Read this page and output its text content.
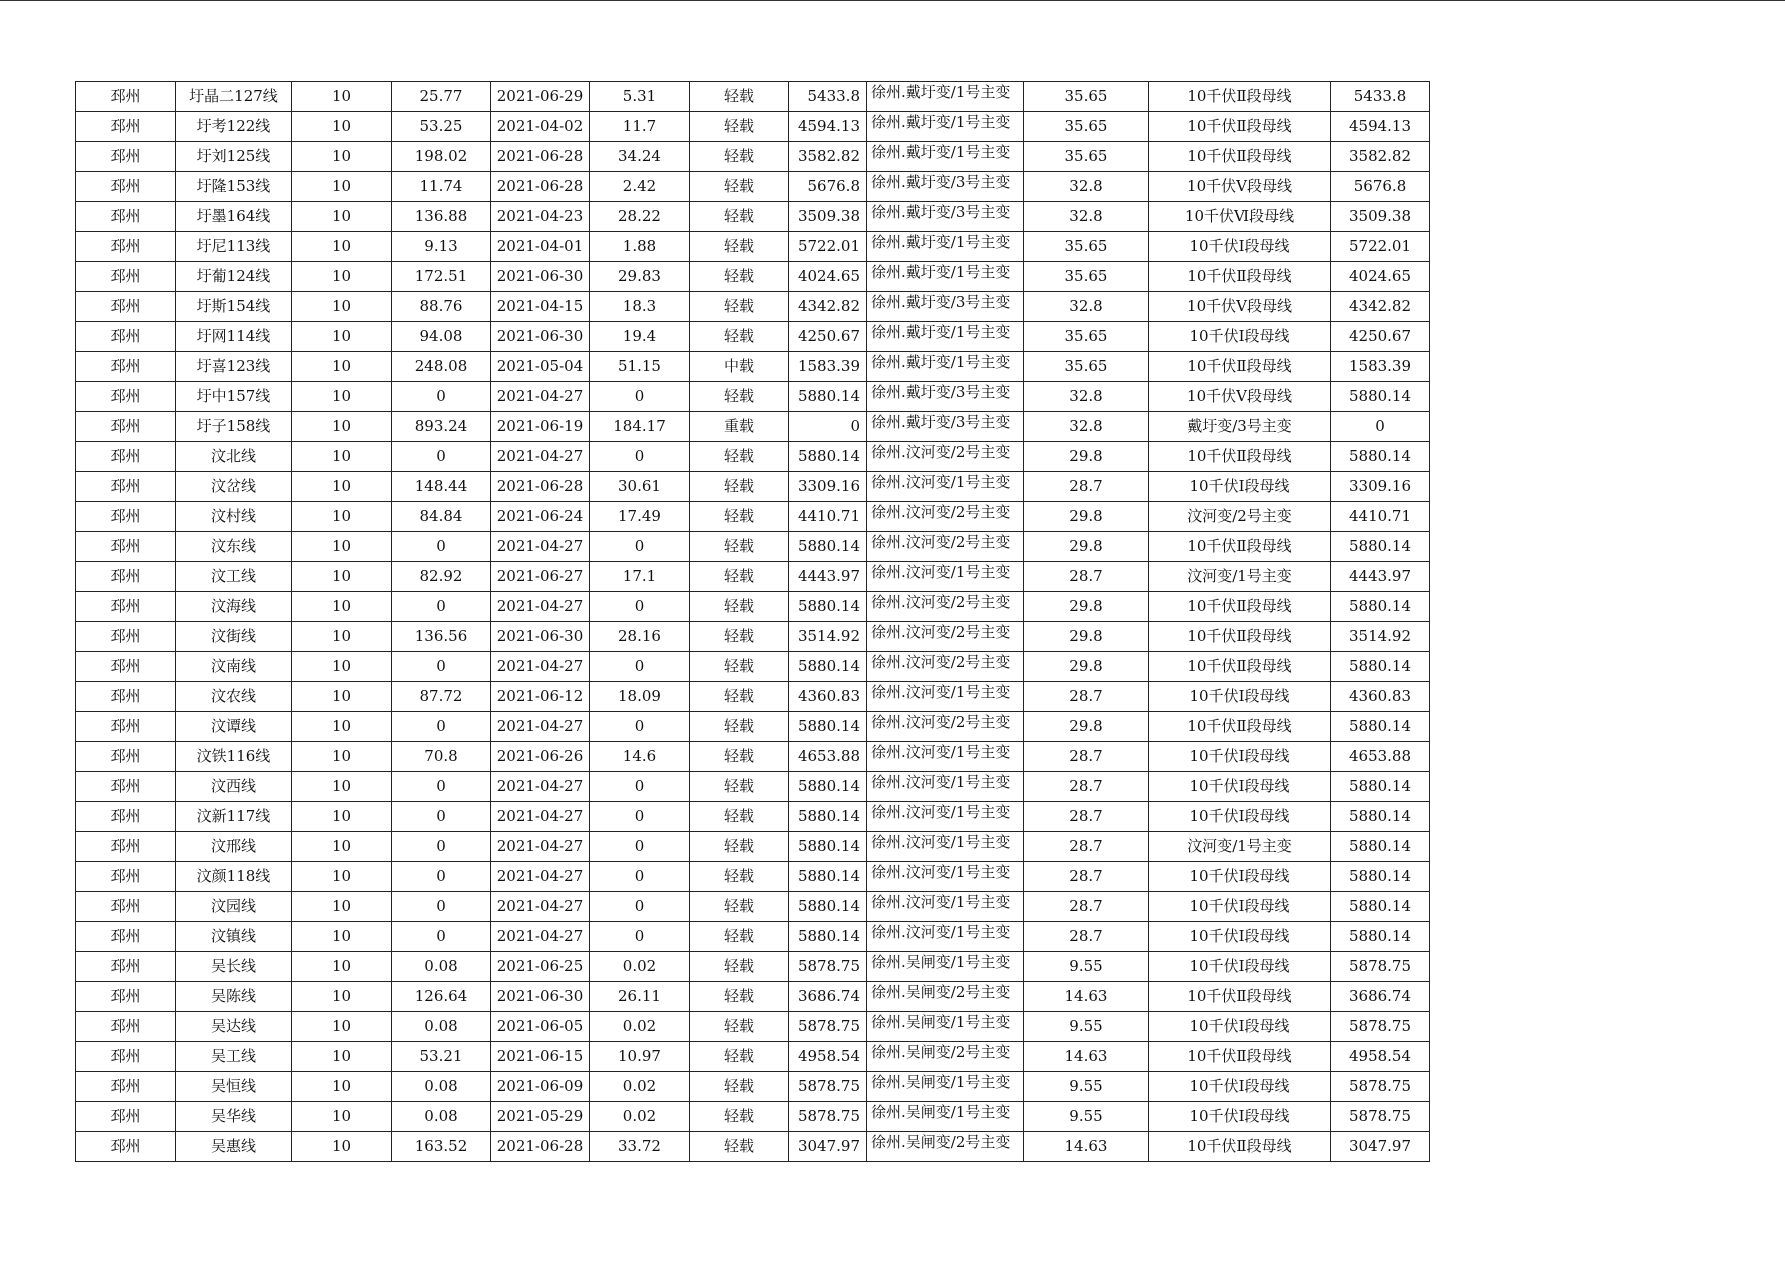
邳州	圩晶二127线	10	25.77	2021-06-29	5.31	轻载	5433.8	徐州.戴圩变/1号主变	35.65	10千伏Ⅱ段母线	5433.8
邳州	圩考122线	10	53.25	2021-04-02	11.7	轻载	4594.13	徐州.戴圩变/1号主变	35.65	10千伏Ⅱ段母线	4594.13
邳州	圩刘125线	10	198.02	2021-06-28	34.24	轻载	3582.82	徐州.戴圩变/1号主变	35.65	10千伏Ⅱ段母线	3582.82
邳州	圩隆153线	10	11.74	2021-06-28	2.42	轻载	5676.8	徐州.戴圩变/3号主变	32.8	10千伏Ⅴ段母线	5676.8
邳州	圩墨164线	10	136.88	2021-04-23	28.22	轻载	3509.38	徐州.戴圩变/3号主变	32.8	10千伏Ⅵ段母线	3509.38
邳州	圩尼113线	10	9.13	2021-04-01	1.88	轻载	5722.01	徐州.戴圩变/1号主变	35.65	10千伏Ⅰ段母线	5722.01
邳州	圩葡124线	10	172.51	2021-06-30	29.83	轻载	4024.65	徐州.戴圩变/1号主变	35.65	10千伏Ⅱ段母线	4024.65
邳州	圩斯154线	10	88.76	2021-04-15	18.3	轻载	4342.82	徐州.戴圩变/3号主变	32.8	10千伏Ⅴ段母线	4342.82
邳州	圩网114线	10	94.08	2021-06-30	19.4	轻载	4250.67	徐州.戴圩变/1号主变	35.65	10千伏Ⅰ段母线	4250.67
邳州	圩喜123线	10	248.08	2021-05-04	51.15	中载	1583.39	徐州.戴圩变/1号主变	35.65	10千伏Ⅱ段母线	1583.39
邳州	圩中157线	10	0	2021-04-27	0	轻载	5880.14	徐州.戴圩变/3号主变	32.8	10千伏Ⅴ段母线	5880.14
邳州	圩子158线	10	893.24	2021-06-19	184.17	重载	0	徐州.戴圩变/3号主变	32.8	戴圩变/3号主变	0
邳州	汶北线	10	0	2021-04-27	0	轻载	5880.14	徐州.汶河变/2号主变	29.8	10千伏Ⅱ段母线	5880.14
邳州	汶岔线	10	148.44	2021-06-28	30.61	轻载	3309.16	徐州.汶河变/1号主变	28.7	10千伏Ⅰ段母线	3309.16
邳州	汶村线	10	84.84	2021-06-24	17.49	轻载	4410.71	徐州.汶河变/2号主变	29.8	汶河变/2号主变	4410.71
邳州	汶东线	10	0	2021-04-27	0	轻载	5880.14	徐州.汶河变/2号主变	29.8	10千伏Ⅱ段母线	5880.14
邳州	汶工线	10	82.92	2021-06-27	17.1	轻载	4443.97	徐州.汶河变/1号主变	28.7	汶河变/1号主变	4443.97
邳州	汶海线	10	0	2021-04-27	0	轻载	5880.14	徐州.汶河变/2号主变	29.8	10千伏Ⅱ段母线	5880.14
邳州	汶街线	10	136.56	2021-06-30	28.16	轻载	3514.92	徐州.汶河变/2号主变	29.8	10千伏Ⅱ段母线	3514.92
邳州	汶南线	10	0	2021-04-27	0	轻载	5880.14	徐州.汶河变/2号主变	29.8	10千伏Ⅱ段母线	5880.14
邳州	汶农线	10	87.72	2021-06-12	18.09	轻载	4360.83	徐州.汶河变/1号主变	28.7	10千伏Ⅰ段母线	4360.83
邳州	汶谭线	10	0	2021-04-27	0	轻载	5880.14	徐州.汶河变/2号主变	29.8	10千伏Ⅱ段母线	5880.14
邳州	汶铁116线	10	70.8	2021-06-26	14.6	轻载	4653.88	徐州.汶河变/1号主变	28.7	10千伏Ⅰ段母线	4653.88
邳州	汶西线	10	0	2021-04-27	0	轻载	5880.14	徐州.汶河变/1号主变	28.7	10千伏Ⅰ段母线	5880.14
邳州	汶新117线	10	0	2021-04-27	0	轻载	5880.14	徐州.汶河变/1号主变	28.7	10千伏Ⅰ段母线	5880.14
邳州	汶邢线	10	0	2021-04-27	0	轻载	5880.14	徐州.汶河变/1号主变	28.7	汶河变/1号主变	5880.14
邳州	汶颜118线	10	0	2021-04-27	0	轻载	5880.14	徐州.汶河变/1号主变	28.7	10千伏Ⅰ段母线	5880.14
邳州	汶园线	10	0	2021-04-27	0	轻载	5880.14	徐州.汶河变/1号主变	28.7	10千伏Ⅰ段母线	5880.14
邳州	汶镇线	10	0	2021-04-27	0	轻载	5880.14	徐州.汶河变/1号主变	28.7	10千伏Ⅰ段母线	5880.14
邳州	吴长线	10	0.08	2021-06-25	0.02	轻载	5878.75	徐州.吴闸变/1号主变	9.55	10千伏Ⅰ段母线	5878.75
邳州	吴陈线	10	126.64	2021-06-30	26.11	轻载	3686.74	徐州.吴闸变/2号主变	14.63	10千伏Ⅱ段母线	3686.74
邳州	吴达线	10	0.08	2021-06-05	0.02	轻载	5878.75	徐州.吴闸变/1号主变	9.55	10千伏Ⅰ段母线	5878.75
邳州	吴工线	10	53.21	2021-06-15	10.97	轻载	4958.54	徐州.吴闸变/2号主变	14.63	10千伏Ⅱ段母线	4958.54
邳州	吴恒线	10	0.08	2021-06-09	0.02	轻载	5878.75	徐州.吴闸变/1号主变	9.55	10千伏Ⅰ段母线	5878.75
邳州	吴华线	10	0.08	2021-05-29	0.02	轻载	5878.75	徐州.吴闸变/1号主变	9.55	10千伏Ⅰ段母线	5878.75
邳州	吴惠线	10	163.52	2021-06-28	33.72	轻载	3047.97	徐州.吴闸变/2号主变	14.63	10千伏Ⅱ段母线	3047.97
